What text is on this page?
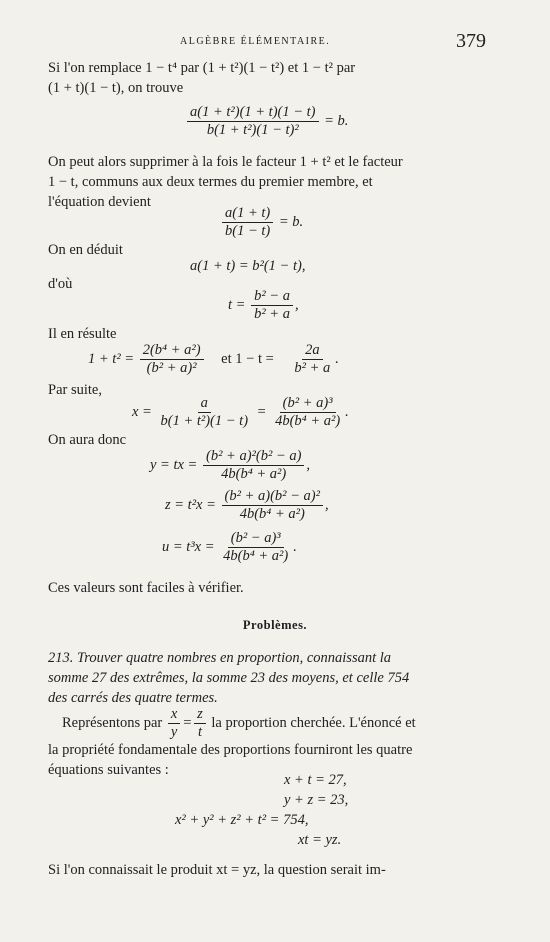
ALGÈBRE ÉLÉMENTAIRE.	379
Si l'on remplace 1 − t⁴ par (1 + t²)(1 − t²) et 1 − t² par
(1 + t)(1 − t), on trouve
$\frac{\text{a(1 + t²)(1 + t)(1 − t)}}{\text{b(1 + t²)(1 − t)²}} = b$.
On peut alors supprimer à la fois le facteur 1 + t² et le facteur
1 − t, communs aux deux termes du premier membre, et
l'équation devient
$\frac{a(1 + t)}{b(1 - t)} = b$.
On en déduit
a(1 + t) = b²(1 − t),
d'où
$t = \frac{\text{b² − a}}{\text{b² + a}}$ ,
Il en résulte
$1 + t^2 = \frac{\text{2(b⁴ + a²)}}{\text{(b² + a)²}}$ et $1 - t = \frac{2a}{\text{b² + a}}$ .
Par suite,
$x = \frac{a}{\text{b(1 + t²)(1 − t)}} = \frac{\text{(b² + a)³}}{\text{4b(b⁴ + a²)}}$ .
On aura donc
y = tx = $\frac{\text{(b² + a)²(b² − a)}}{\text{4b(b⁴ + a²)}}$ ,
$z = t^2x = \frac{\text{(b² + a)(b² − a)²}}{\text{4b(b⁴ + a²)}}$ ,
$u = t^3x = \frac{\text{(b² − a)³}}{\text{4b(b⁴ + a²)}}$ .
Ces valeurs sont faciles à vérifier.
Problèmes.
213. Trouver quatre nombres en proportion, connaissant la
somme 27 des extrêmes, la somme 23 des moyens, et celle 754
des carrés des quatre termes.
Représentons par $\frac{x}{y} = \frac{z}{t}$ la proportion cherchée. L'énoncé et
la propriété fondamentale des proportions fourniront les quatre
équations suivantes :
x + t = 27,
y + z = 23,
x² + y² + z² + t² = 754,
xt = yz.
Si l'on connaissait le produit xt = yz, la question serait im-
